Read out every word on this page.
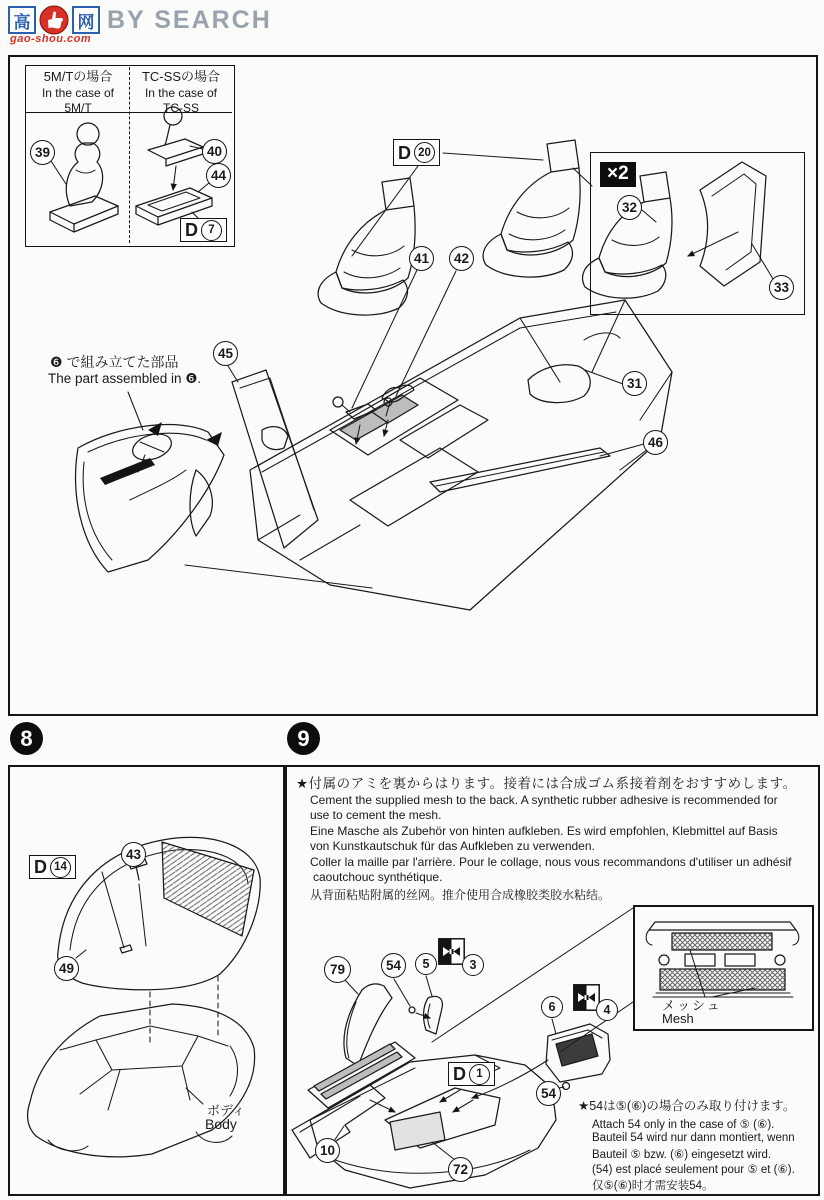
高	网 BY SEARCH
gao-shou.com
5M/Tの場合
In the case of
5M/T
TC-SSの場合
In the case of
TC-SS
39	40
44
D 7
D 20
41	42
45
31
46
❻ で組み立てた部品
The part assembled in ❻.
×2
32
33
8
D 14
43
49
ボディ
Body
9
★付属のアミを裏からはります。接着には合成ゴム系接着剤をおすすめします。
Cement the supplied mesh to the back. A synthetic rubber adhesive is recommended for
use to cement the mesh.
Eine Masche als Zubehör von hinten aufkleben. Es wird empfohlen, Klebmittel auf Basis
von Kunstkautschuk für das Aufkleben zu verwenden.
Coller la maille par l'arrière. Pour le collage, nous vous recommandons d'utiliser un adhésif
caoutchouc synthétique.
从背面粘贴附属的丝网。推介使用合成橡胶类胶水粘结。
79	54	5	3
6	4
54
D 1
72
10
メッシュ
Mesh
★54は⑤(⑥)の場合のみ取り付けます。
Attach 54 only in the case of ⑤ (⑥).
Bauteil 54 wird nur dann montiert, wenn
Bauteil ⑤ bzw. (⑥) eingesetzt wird.
(54) est placé seulement pour ⑤ et (⑥).
仅⑤(⑥)时才需安装54。
